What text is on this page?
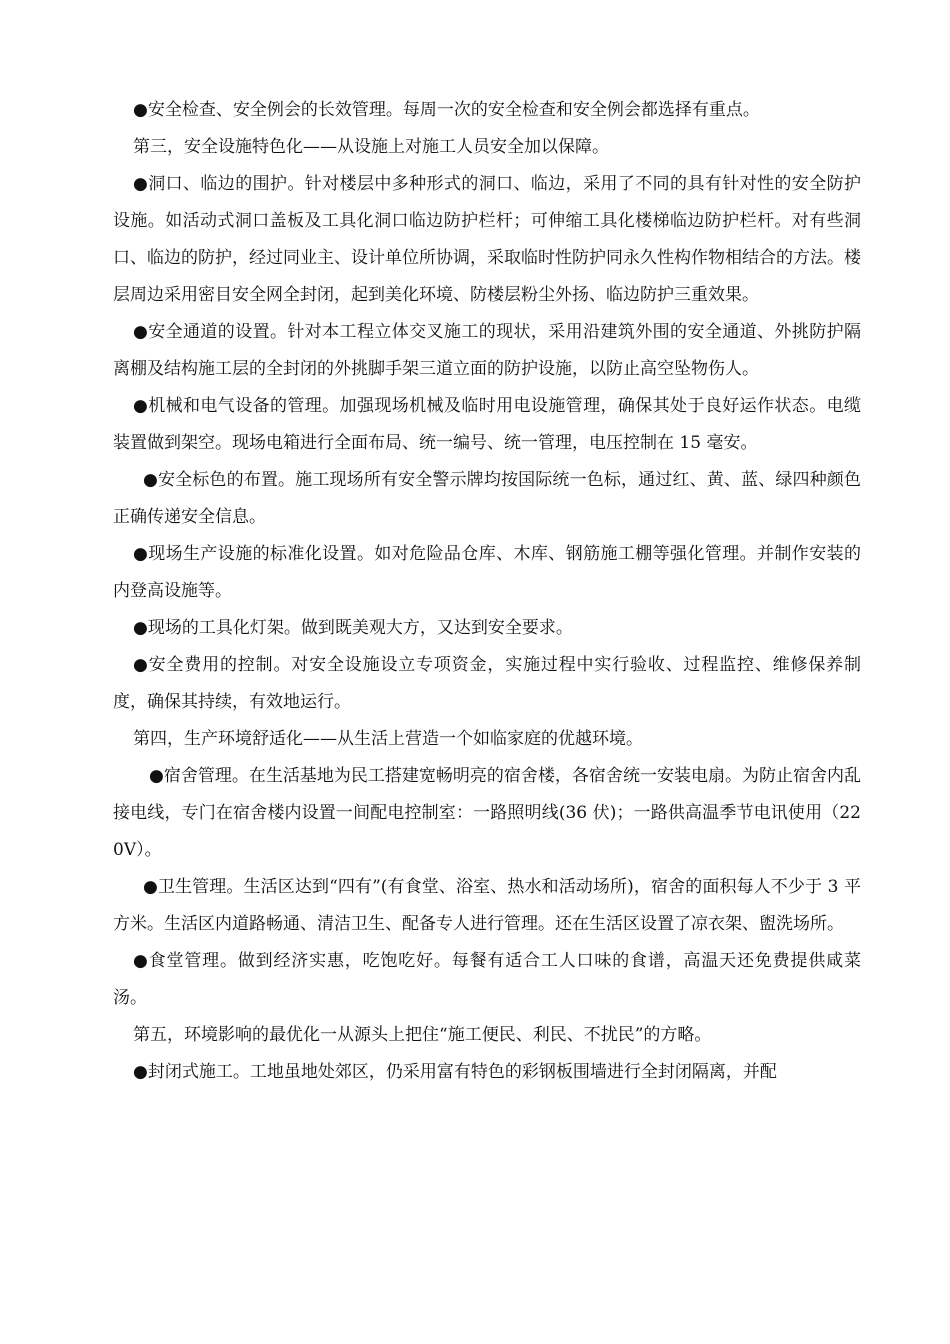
●安全检查、安全例会的长效管理。每周一次的安全检查和安全例会都选择有重点。

第三，安全设施特色化——从设施上对施工人员安全加以保障。

●洞口、临边的围护。针对楼层中多种形式的洞口、临边，采用了不同的具有针对性的安全防护设施。如活动式洞口盖板及工具化洞口临边防护栏杆；可伸缩工具化楼梯临边防护栏杆。对有些洞口、临边的防护，经过同业主、设计单位所协调，采取临时性防护同永久性构作物相结合的方法。楼层周边采用密目安全网全封闭，起到美化环境、防楼层粉尘外扬、临边防护三重效果。

●安全通道的设置。针对本工程立体交叉施工的现状，采用沿建筑外围的安全通道、外挑防护隔离棚及结构施工层的全封闭的外挑脚手架三道立面的防护设施，以防止高空坠物伤人。

●机械和电气设备的管理。加强现场机械及临时用电设施管理，确保其处于良好运作状态。电缆装置做到架空。现场电箱进行全面布局、统一编号、统一管理，电压控制在 15 毫安。

●安全标色的布置。施工现场所有安全警示牌均按国际统一色标，通过红、黄、蓝、绿四种颜色正确传递安全信息。

●现场生产设施的标准化设置。如对危险品仓库、木库、钢筋施工棚等强化管理。并制作安装的内登高设施等。

●现场的工具化灯架。做到既美观大方，又达到安全要求。

●安全费用的控制。对安全设施设立专项资金，实施过程中实行验收、过程监控、维修保养制度，确保其持续，有效地运行。

第四，生产环境舒适化——从生活上营造一个如临家庭的优越环境。

●宿舍管理。在生活基地为民工搭建宽畅明亮的宿舍楼，各宿舍统一安装电扇。为防止宿舍内乱接电线，专门在宿舍楼内设置一间配电控制室：一路照明线(36 伏)；一路供高温季节电讯使用（220V）。

●卫生管理。生活区达到“四有”(有食堂、浴室、热水和活动场所)，宿舍的面积每人不少于 3 平方米。生活区内道路畅通、清洁卫生、配备专人进行管理。还在生活区设置了凉衣架、盥洗场所。

●食堂管理。做到经济实惠，吃饱吃好。每餐有适合工人口味的食谱，高温天还免费提供咸菜汤。

第五，环境影响的最优化一从源头上把住“施工便民、利民、不扰民”的方略。

●封闭式施工。工地虽地处郊区，仍采用富有特色的彩钢板围墙进行全封闭隔离，并配
